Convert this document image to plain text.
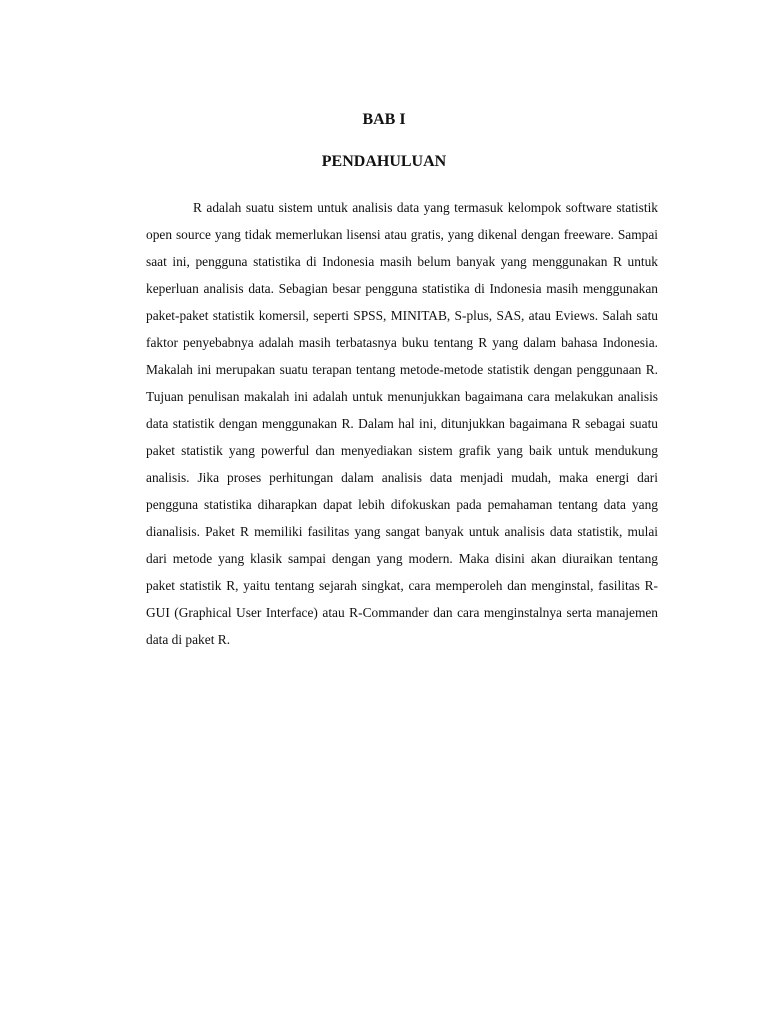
BAB I
PENDAHULUAN

R adalah suatu sistem untuk analisis data yang termasuk kelompok software statistik open source yang tidak memerlukan lisensi atau gratis, yang dikenal dengan freeware. Sampai saat ini, pengguna statistika di Indonesia masih belum banyak yang menggunakan R untuk keperluan analisis data. Sebagian besar pengguna statistika di Indonesia masih menggunakan paket-paket statistik komersil, seperti SPSS, MINITAB, S-plus, SAS, atau Eviews. Salah satu faktor penyebabnya adalah masih terbatasnya buku tentang R yang dalam bahasa Indonesia. Makalah ini merupakan suatu terapan tentang metode-metode statistik dengan penggunaan R. Tujuan penulisan makalah ini adalah untuk menunjukkan bagaimana cara melakukan analisis data statistik dengan menggunakan R. Dalam hal ini, ditunjukkan bagaimana R sebagai suatu paket statistik yang powerful dan menyediakan sistem grafik yang baik untuk mendukung analisis. Jika proses perhitungan dalam analisis data menjadi mudah, maka energi dari pengguna statistika diharapkan dapat lebih difokuskan pada pemahaman tentang data yang dianalisis. Paket R memiliki fasilitas yang sangat banyak untuk analisis data statistik, mulai dari metode yang klasik sampai dengan yang modern. Maka disini akan diuraikan tentang paket statistik R, yaitu tentang sejarah singkat, cara memperoleh dan menginstal, fasilitas R-GUI (Graphical User Interface) atau R-Commander dan cara menginstalnya serta manajemen data di paket R.
